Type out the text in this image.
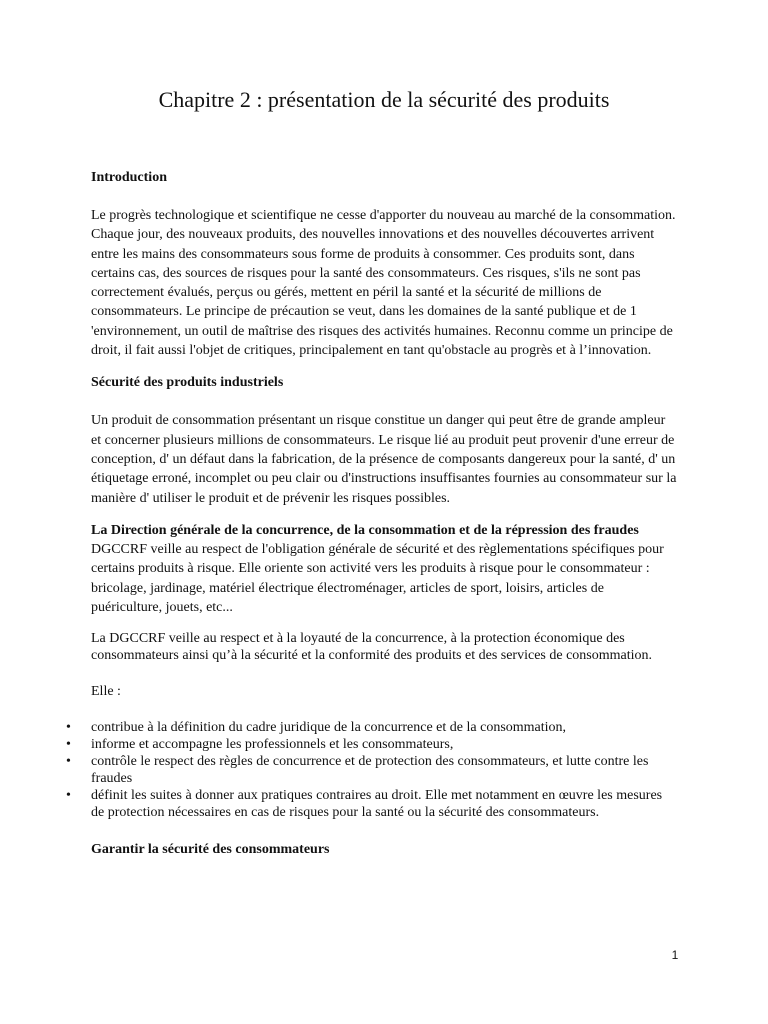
Chapitre 2 : présentation de la sécurité des produits

Introduction

Le progrès technologique et scientifique ne cesse d'apporter du nouveau au marché de la consommation. Chaque jour, des nouveaux produits, des nouvelles innovations et des nouvelles découvertes arrivent entre les mains des consommateurs sous forme de produits à consommer. Ces produits sont, dans certains cas, des sources de risques pour la santé des consommateurs. Ces risques, s'ils ne sont pas correctement évalués, perçus ou gérés, mettent en péril la santé et la sécurité de millions de consommateurs. Le principe de précaution se veut, dans les domaines de la santé publique et de 1 'environnement, un outil de maîtrise des risques des activités humaines. Reconnu comme un principe de droit, il fait aussi l'objet de critiques, principalement en tant qu'obstacle au progrès et à l’innovation.

Sécurité des produits industriels

Un produit de consommation présentant un risque constitue un danger qui peut être de grande ampleur et concerner plusieurs millions de consommateurs. Le risque lié au produit peut provenir d'une erreur de conception, d' un défaut dans la fabrication, de la présence de composants dangereux pour la santé, d' un étiquetage erroné, incomplet ou peu clair ou d'instructions insuffisantes fournies au consommateur sur la manière d' utiliser le produit et de prévenir les risques possibles.

La Direction générale de la concurrence, de la consommation et de la répression des fraudes DGCCRF veille au respect de l'obligation générale de sécurité et des règlementations spécifiques pour certains produits à risque. Elle oriente son activité vers les produits à risque pour le consommateur : bricolage, jardinage, matériel électrique électroménager, articles de sport, loisirs, articles de puériculture, jouets, etc...

La DGCCRF veille au respect et à la loyauté de la concurrence, à la protection économique des consommateurs ainsi qu’à la sécurité et la conformité des produits et des services de consommation.

Elle :

• contribue à la définition du cadre juridique de la concurrence et de la consommation,
• informe et accompagne les professionnels et les consommateurs,
• contrôle le respect des règles de concurrence et de protection des consommateurs, et lutte contre les fraudes
• définit les suites à donner aux pratiques contraires au droit. Elle met notamment en œuvre les mesures de protection nécessaires en cas de risques pour la santé ou la sécurité des consommateurs.

Garantir la sécurité des consommateurs

1
